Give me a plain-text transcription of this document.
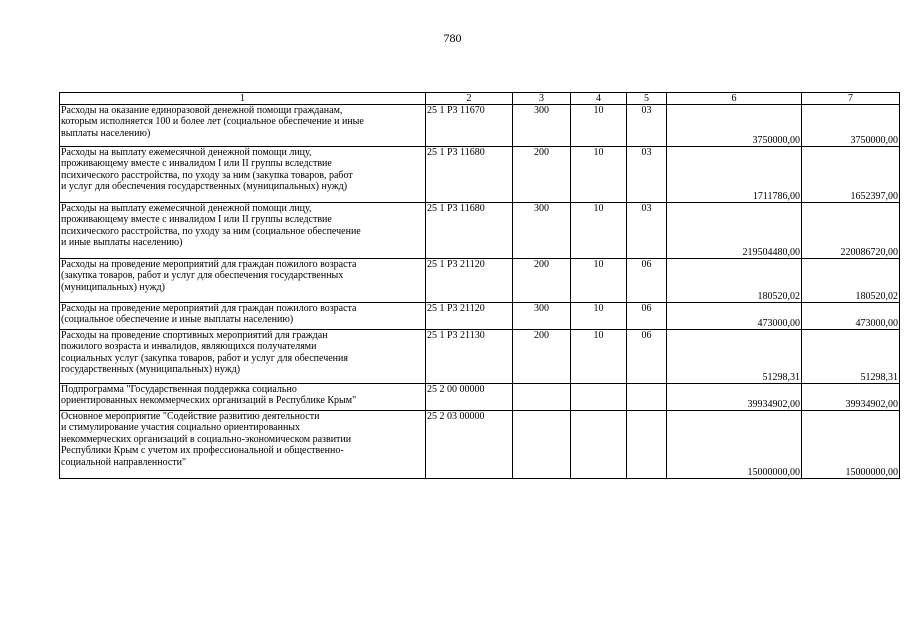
780
1	2	3	4	5	6	7
Расходы на оказание единоразовой денежной помощи гражданам,
которым исполняется 100 и более лет (социальное обеспечение и иные
выплаты населению)	25 1 Р3 11670	300	10	03	3750000,00	3750000,00
Расходы на выплату ежемесячной денежной помощи лицу,
проживающему вместе с инвалидом I или II группы вследствие
психического расстройства, по уходу за ним (закупка товаров, работ
и услуг для обеспечения государственных (муниципальных) нужд)	25 1 Р3 11680	200	10	03	1711786,00	1652397,00
Расходы на выплату ежемесячной денежной помощи лицу,
проживающему вместе с инвалидом I или II группы вследствие
психического расстройства, по уходу за ним (социальное обеспечение
и иные выплаты населению)	25 1 Р3 11680	300	10	03	219504480,00	220086720,00
Расходы на проведение мероприятий для граждан пожилого возраста
(закупка товаров, работ и услуг для обеспечения государственных
(муниципальных) нужд)	25 1 Р3 21120	200	10	06	180520,02	180520,02
Расходы на проведение мероприятий для граждан пожилого возраста
(социальное обеспечение и иные выплаты населению)	25 1 Р3 21120	300	10	06	473000,00	473000,00
Расходы на проведение спортивных мероприятий для граждан
пожилого возраста и инвалидов, являющихся получателями
социальных услуг (закупка товаров, работ и услуг для обеспечения
государственных (муниципальных) нужд)	25 1 Р3 21130	200	10	06	51298,31	51298,31
Подпрограмма "Государственная поддержка социально
ориентированных некоммерческих организаций в Республике Крым"	25 2 00 00000				39934902,00	39934902,00
Основное мероприятие "Содействие развитию деятельности
и стимулирование участия социально ориентированных
некоммерческих организаций в социально-экономическом развитии
Республики Крым с учетом их профессиональной и общественно-
социальной направленности"	25 2 03 00000				15000000,00	15000000,00
